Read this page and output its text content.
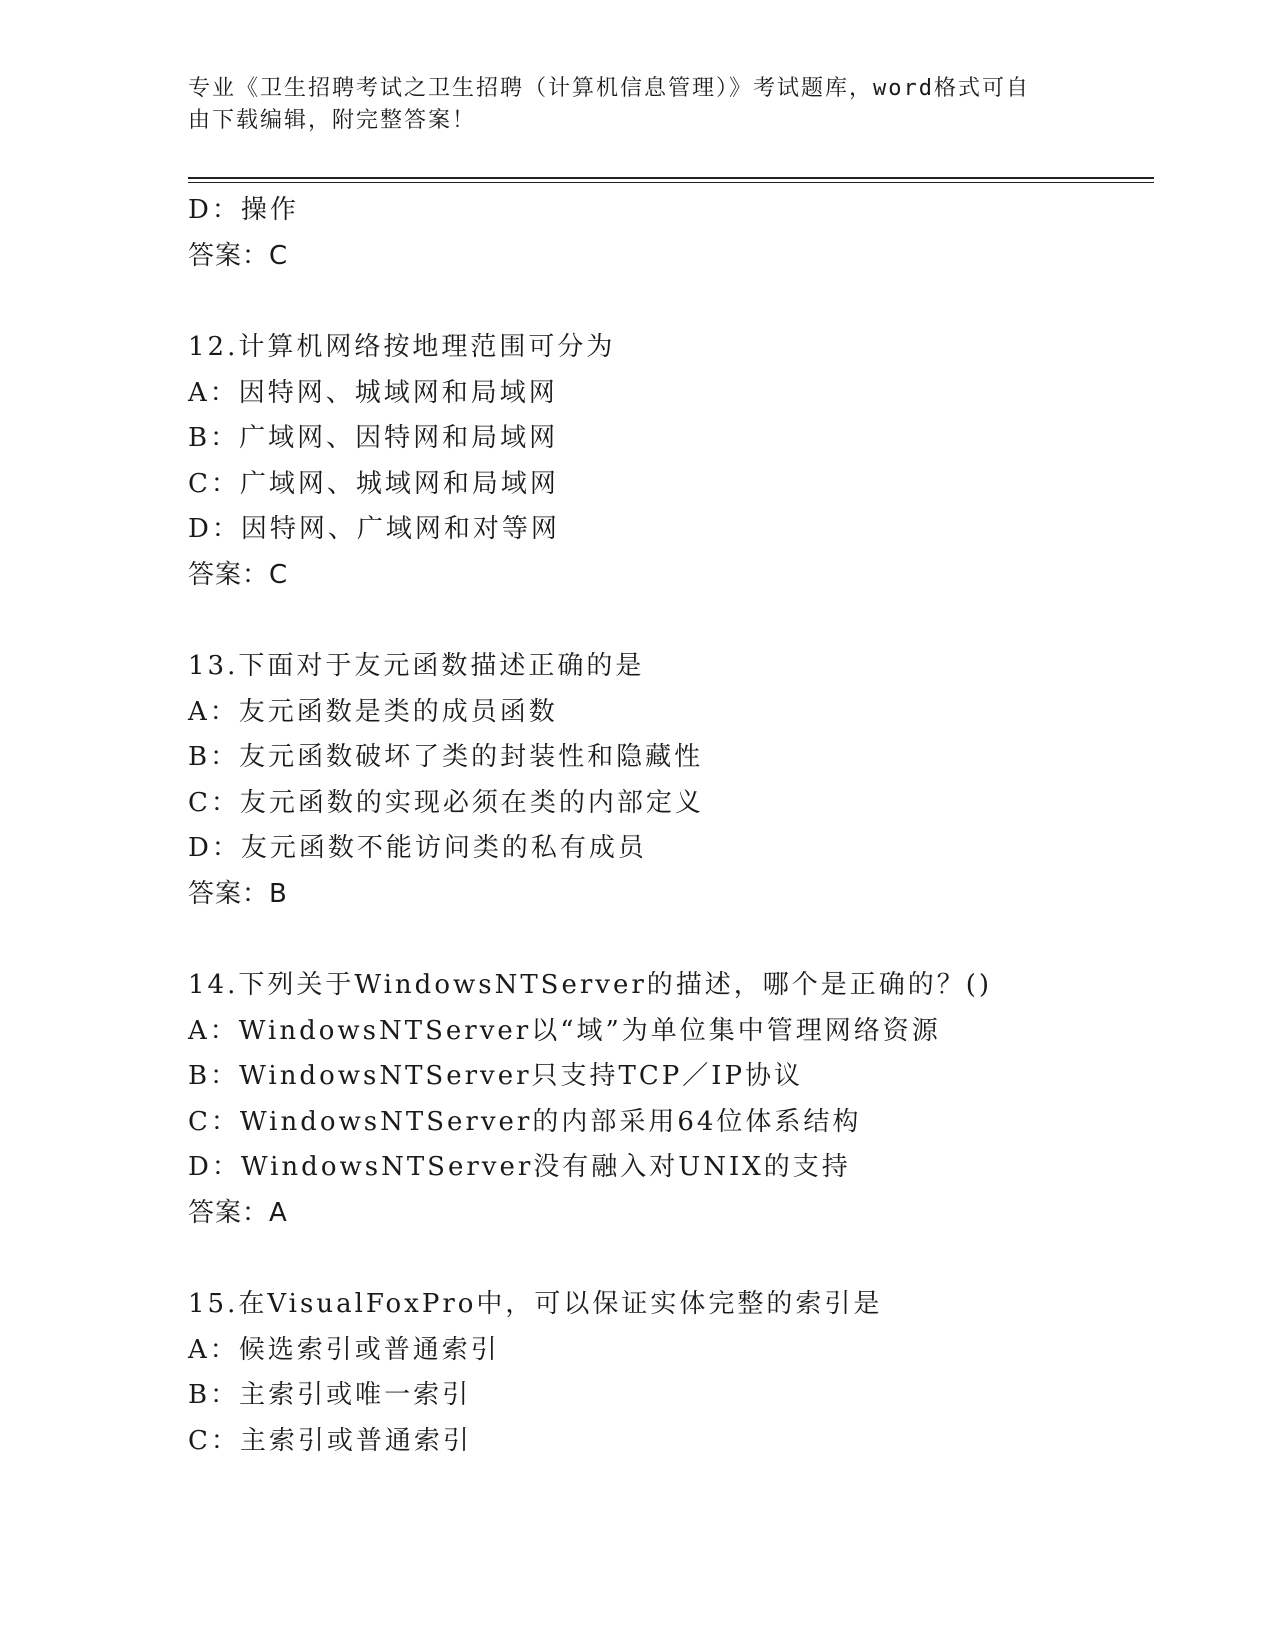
专业《卫生招聘考试之卫生招聘（计算机信息管理）》考试题库，word格式可自
由下载编辑，附完整答案！
D：操作
答案：C
12.计算机网络按地理范围可分为
A：因特网、城域网和局域网
B：广域网、因特网和局域网
C：广域网、城域网和局域网
D：因特网、广域网和对等网
答案：C
13.下面对于友元函数描述正确的是
A：友元函数是类的成员函数
B：友元函数破坏了类的封装性和隐藏性
C：友元函数的实现必须在类的内部定义
D：友元函数不能访问类的私有成员
答案：B
14.下列关于WindowsNTServer的描述，哪个是正确的？()
A：WindowsNTServer以“域”为单位集中管理网络资源
B：WindowsNTServer只支持TCP／IP协议
C：WindowsNTServer的内部采用64位体系结构
D：WindowsNTServer没有融入对UNIX的支持
答案：A
15.在VisualFoxPro中，可以保证实体完整的索引是
A：候选索引或普通索引
B：主索引或唯一索引
C：主索引或普通索引
